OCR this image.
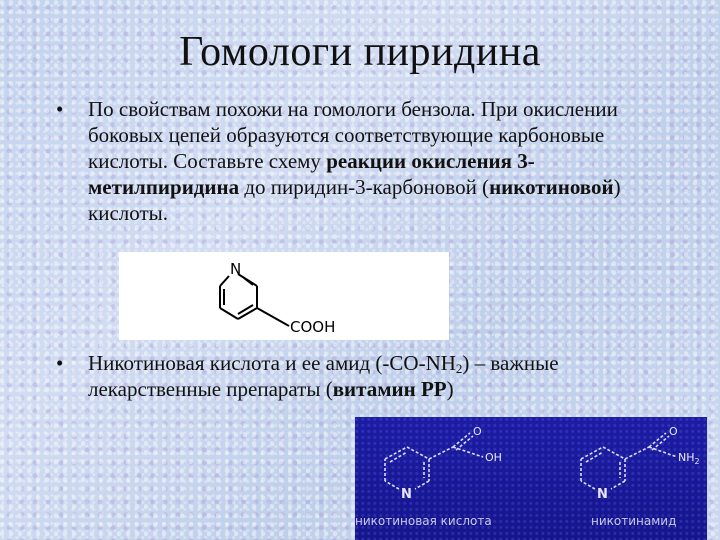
Гомологи пиридина
•	По свойствам похожи на гомологи бензола. При окислении боковых цепей образуются соответствующие карбоновые кислоты. Составьте схему реакции окисления 3-метилпиридина до пиридин-3-карбоновой (никотиновой) кислоты.
N
COOH
•	Никотиновая кислота и ее амид $(-CO-NH_2)$ – важные лекарственные препараты (витамин PP)
N
O
OH
никотиновая кислота
N
O
$NH_2$
никотинамид
